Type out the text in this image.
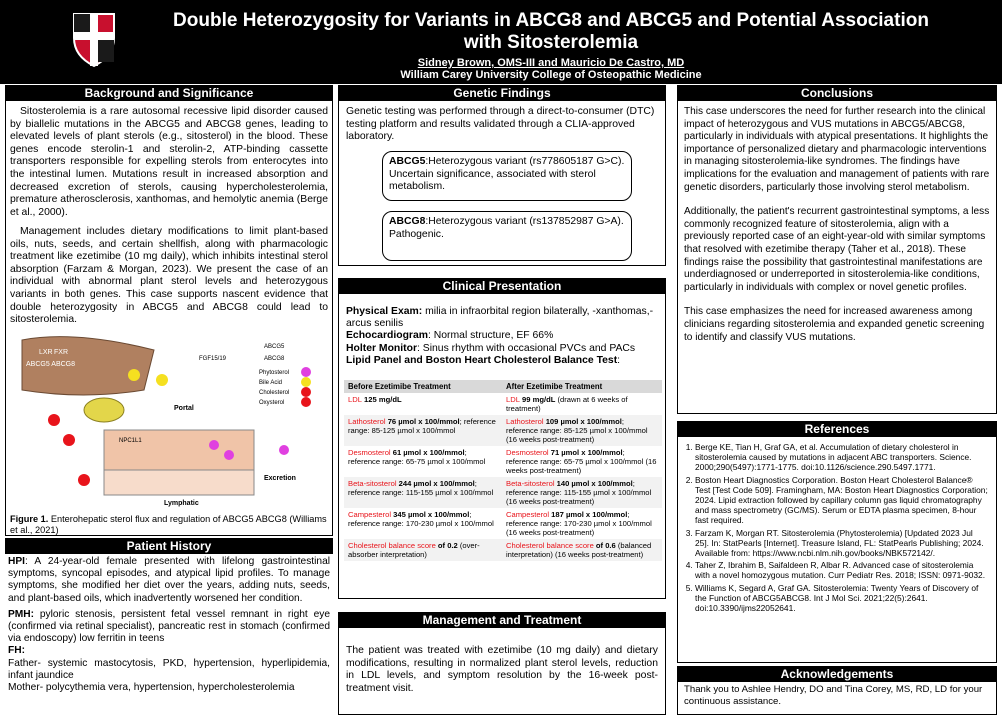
Double Heterozygosity for Variants in ABCG8 and ABCG5 and Potential Association with Sitosterolemia
Sidney Brown, OMS-III and Mauricio De Castro, MD
William Carey University College of Osteopathic Medicine
Background and Significance
Sitosterolemia is a rare autosomal recessive lipid disorder caused by biallelic mutations in the ABCG5 and ABCG8 genes, leading to elevated levels of plant sterols (e.g., sitosterol) in the blood. These genes encode sterolin-1 and sterolin-2, ATP-binding cassette transporters responsible for expelling sterols from enterocytes into the intestinal lumen. Mutations result in increased absorption and decreased excretion of sterols, causing hypercholesterolemia, premature atherosclerosis, xanthomas, and hemolytic anemia (Berge et al., 2000).
Management includes dietary modifications to limit plant-based oils, nuts, seeds, and certain shellfish, along with pharmacologic treatment like ezetimibe (10 mg daily), which inhibits intestinal sterol absorption (Farzam & Morgan, 2023). We present the case of an individual with abnormal plant sterol levels and heterozygous variants in both genes. This case supports nascent evidence that double heterozygosity in ABCG5 and ABCG8 could lead to sitosterolemia.
LXR FXR
ABCG5 ABCG8
FGF15/19
Portal
Lymphatic
Excretion
NPC1L1
ABCG5
ABCG8
Phytosterol
Bile Acid
Cholesterol
Oxysterol
Figure 1. Enterohepatic sterol flux and regulation of ABCG5 ABCG8 (Williams et al., 2021)
Patient History
HPI: A 24-year-old female presented with lifelong gastrointestinal symptoms, syncopal episodes, and atypical lipid profiles. To manage symptoms, she modified her diet over the years, adding nuts, seeds, and plant-based oils, which inadvertently worsened her condition.
PMH: pyloric stenosis, persistent fetal vessel remnant in right eye (confirmed via retinal specialist), pancreatic rest in stomach (confirmed via endoscopy) low ferritin in teens
FH:
Father- systemic mastocytosis, PKD, hypertension, hyperlipidemia, infant jaundice
Mother- polycythemia vera, hypertension, hypercholesterolemia
Genetic Findings
Genetic testing was performed through a direct-to-consumer (DTC) testing platform and results validated through a CLIA-approved laboratory.
ABCG5:Heterozygous variant (rs778605187 G>C). Uncertain significance, associated with sterol metabolism.
ABCG8:Heterozygous variant (rs137852987 G>A). Pathogenic.
Clinical Presentation
Physical Exam: milia in infraorbital region bilaterally, -xanthomas,-arcus senilis
Echocardiogram: Normal structure, EF 66%
Holter Monitor: Sinus rhythm with occasional PVCs and PACs
Lipid Panel and Boston Heart Cholesterol Balance Test:
Before Ezetimibe Treatment	After Ezetimibe Treatment
LDL 125 mg/dL	LDL 99 mg/dL (drawn at 6 weeks of treatment)
Lathosterol 76 µmol x 100/mmol; reference range: 85-125 µmol x 100/mmol	Lathosterol 109 µmol x 100/mmol; reference range: 85-125 µmol x 100/mmol (16 weeks post-treatment)
Desmosterol 61 µmol x 100/mmol; reference range: 65-75 µmol x 100/mmol	Desmosterol 71 µmol x 100/mmol; reference range: 65-75 µmol x 100/mmol (16 weeks post-treatment)
Beta-sitosterol 244 µmol x 100/mmol; reference range: 115-155 µmol x 100/mmol	Beta-sitosterol 140 µmol x 100/mmol; reference range: 115-155 µmol x 100/mmol (16 weeks post-treatment)
Campesterol 345 µmol x 100/mmol; reference range: 170-230 µmol x 100/mmol	Campesterol 187 µmol x 100/mmol; reference range: 170-230 µmol x 100/mmol (16 weeks post-treatment)
Cholesterol balance score of 0.2 (over-absorber interpretation)	Cholesterol balance score of 0.6 (balanced interpretation) (16 weeks post-treatment)
Management and Treatment
The patient was treated with ezetimibe (10 mg daily) and dietary modifications, resulting in normalized plant sterol levels, reduction in LDL levels, and symptom resolution by the 16-week post-treatment visit.
Conclusions
This case underscores the need for further research into the clinical impact of heterozygous and VUS mutations in ABCG5/ABCG8, particularly in individuals with atypical presentations. It highlights the importance of personalized dietary and pharmacologic interventions in managing sitosterolemia-like syndromes. The findings have implications for the evaluation and management of patients with rare genetic disorders, particularly those involving sterol metabolism.
Additionally, the patient's recurrent gastrointestinal symptoms, a less commonly recognized feature of sitosterolemia, align with a previously reported case of an eight-year-old with similar symptoms that resolved with ezetimibe therapy (Taher et al., 2018). These findings raise the possibility that gastrointestinal manifestations are underdiagnosed or underreported in sitosterolemia-like conditions, particularly in individuals with complex or novel genetic profiles.
This case emphasizes the need for increased awareness among clinicians regarding sitosterolemia and expanded genetic screening to identify and classify VUS mutations.
References
1. Berge KE, Tian H, Graf GA, et al. Accumulation of dietary cholesterol in sitosterolemia caused by mutations in adjacent ABC transporters. Science. 2000;290(5497):1771-1775. doi:10.1126/science.290.5497.1771.
2. Boston Heart Diagnostics Corporation. Boston Heart Cholesterol Balance® Test [Test Code 509]. Framingham, MA: Boston Heart Diagnostics Corporation; 2024. Lipid extraction followed by capillary column gas liquid chromatography and mass spectrometry (GC/MS). Serum or EDTA plasma specimen, 8-hour fast required.
3. Farzam K, Morgan RT. Sitosterolemia (Phytosterolemia) [Updated 2023 Jul 25]. In: StatPearls [Internet]. Treasure Island, FL: StatPearls Publishing; 2024. Available from: https://www.ncbi.nlm.nih.gov/books/NBK572142/.
4. Taher Z, Ibrahim B, Saifaldeen R, Albar R. Advanced case of sitosterolemia with a novel homozygous mutation. Curr Pediatr Res. 2018; ISSN: 0971-9032.
5. Williams K, Segard A, Graf GA. Sitosterolemia: Twenty Years of Discovery of the Function of ABCG5ABCG8. Int J Mol Sci. 2021;22(5):2641. doi:10.3390/ijms22052641.
Acknowledgements
Thank you to Ashlee Hendry, DO and Tina Corey, MS, RD, LD for your continuous assistance.
